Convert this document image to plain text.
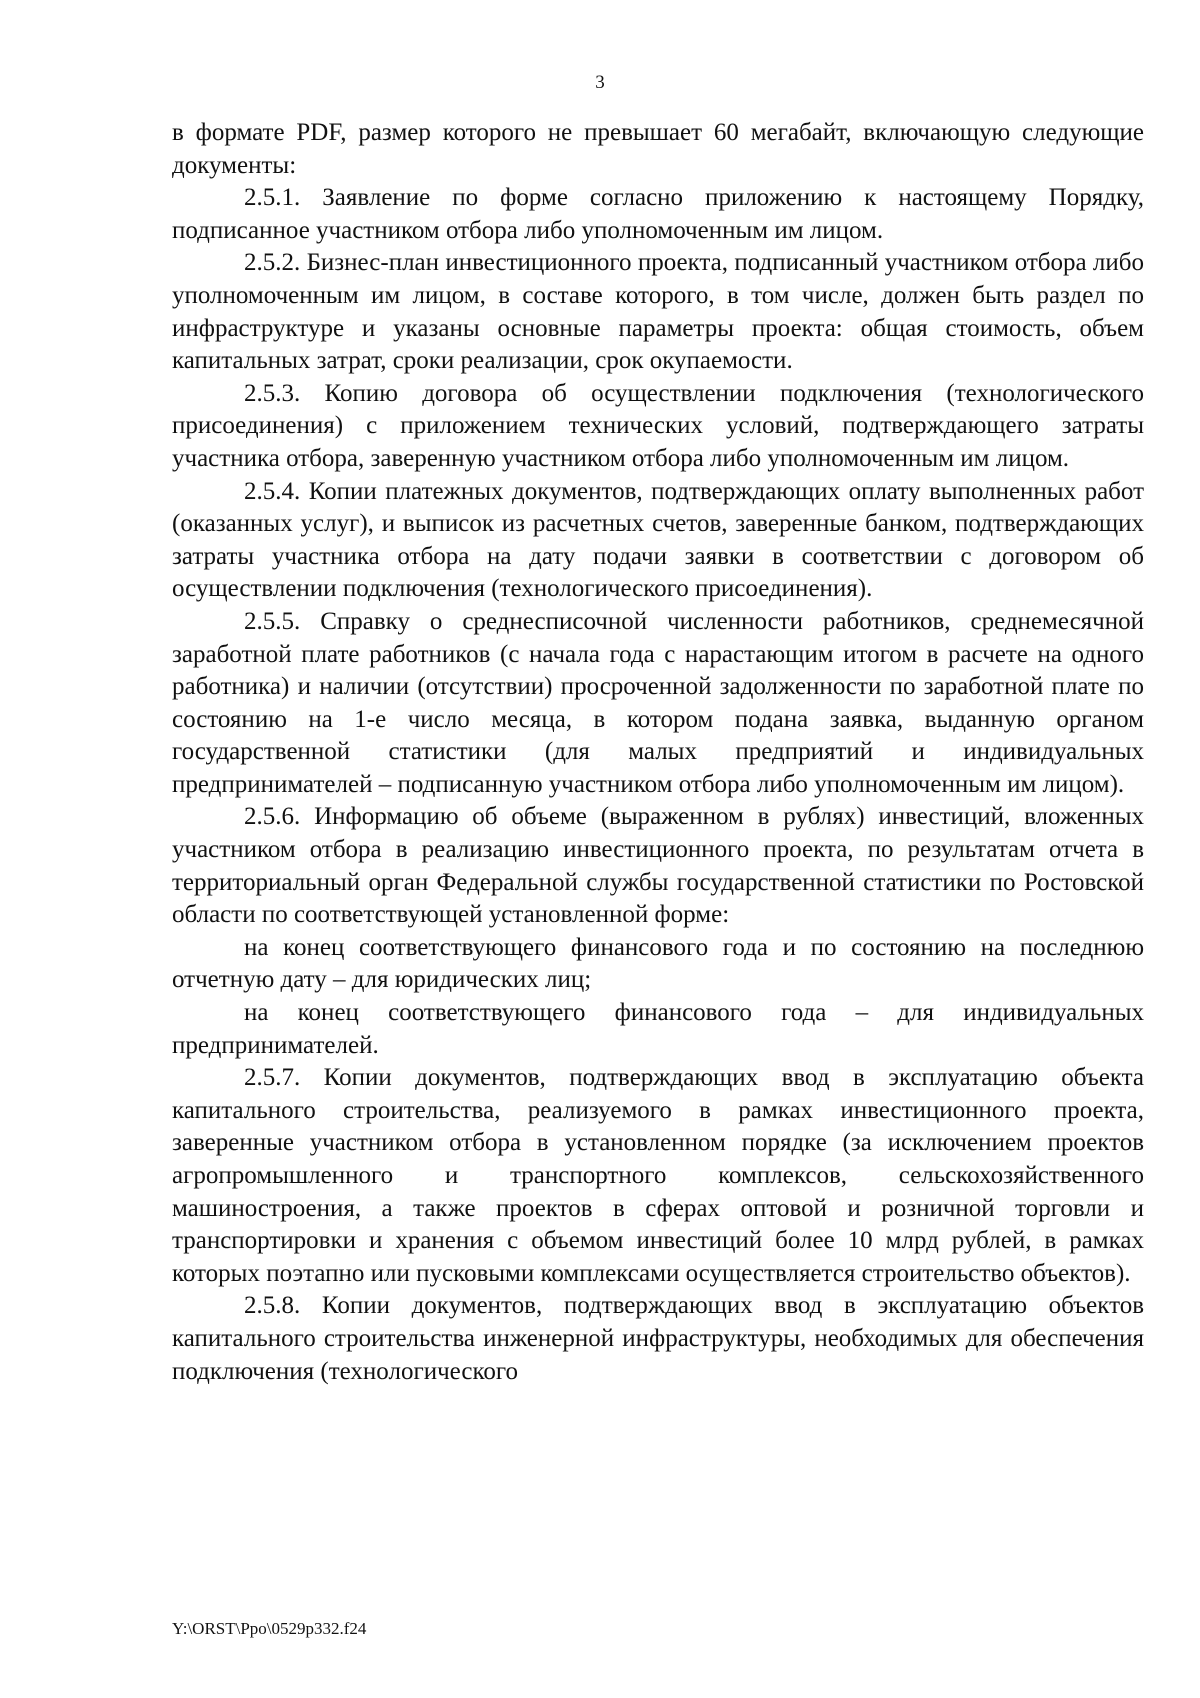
3

в формате PDF, размер которого не превышает 60 мегабайт, включающую следующие документы:

2.5.1. Заявление по форме согласно приложению к настоящему Порядку, подписанное участником отбора либо уполномоченным им лицом.

2.5.2. Бизнес-план инвестиционного проекта, подписанный участником отбора либо уполномоченным им лицом, в составе которого, в том числе, должен быть раздел по инфраструктуре и указаны основные параметры проекта: общая стоимость, объем капитальных затрат, сроки реализации, срок окупаемости.

2.5.3. Копию договора об осуществлении подключения (технологического присоединения) с приложением технических условий, подтверждающего затраты участника отбора, заверенную участником отбора либо уполномоченным им лицом.

2.5.4. Копии платежных документов, подтверждающих оплату выполненных работ (оказанных услуг), и выписок из расчетных счетов, заверенные банком, подтверждающих затраты участника отбора на дату подачи заявки в соответствии с договором об осуществлении подключения (технологического присоединения).

2.5.5. Справку о среднесписочной численности работников, среднемесячной заработной плате работников (с начала года с нарастающим итогом в расчете на одного работника) и наличии (отсутствии) просроченной задолженности по заработной плате по состоянию на 1-е число месяца, в котором подана заявка, выданную органом государственной статистики (для малых предприятий и индивидуальных предпринимателей – подписанную участником отбора либо уполномоченным им лицом).

2.5.6. Информацию об объеме (выраженном в рублях) инвестиций, вложенных участником отбора в реализацию инвестиционного проекта, по результатам отчета в территориальный орган Федеральной службы государственной статистики по Ростовской области по соответствующей установленной форме:

на конец соответствующего финансового года и по состоянию на последнюю отчетную дату – для юридических лиц;

на конец соответствующего финансового года – для индивидуальных предпринимателей.

2.5.7. Копии документов, подтверждающих ввод в эксплуатацию объекта капитального строительства, реализуемого в рамках инвестиционного проекта, заверенные участником отбора в установленном порядке (за исключением проектов агропромышленного и транспортного комплексов, сельскохозяйственного машиностроения, а также проектов в сферах оптовой и розничной торговли и транспортировки и хранения с объемом инвестиций более 10 млрд рублей, в рамках которых поэтапно или пусковыми комплексами осуществляется строительство объектов).

2.5.8. Копии документов, подтверждающих ввод в эксплуатацию объектов капитального строительства инженерной инфраструктуры, необходимых для обеспечения подключения (технологического

Y:\ORST\Ppo\0529p332.f24
